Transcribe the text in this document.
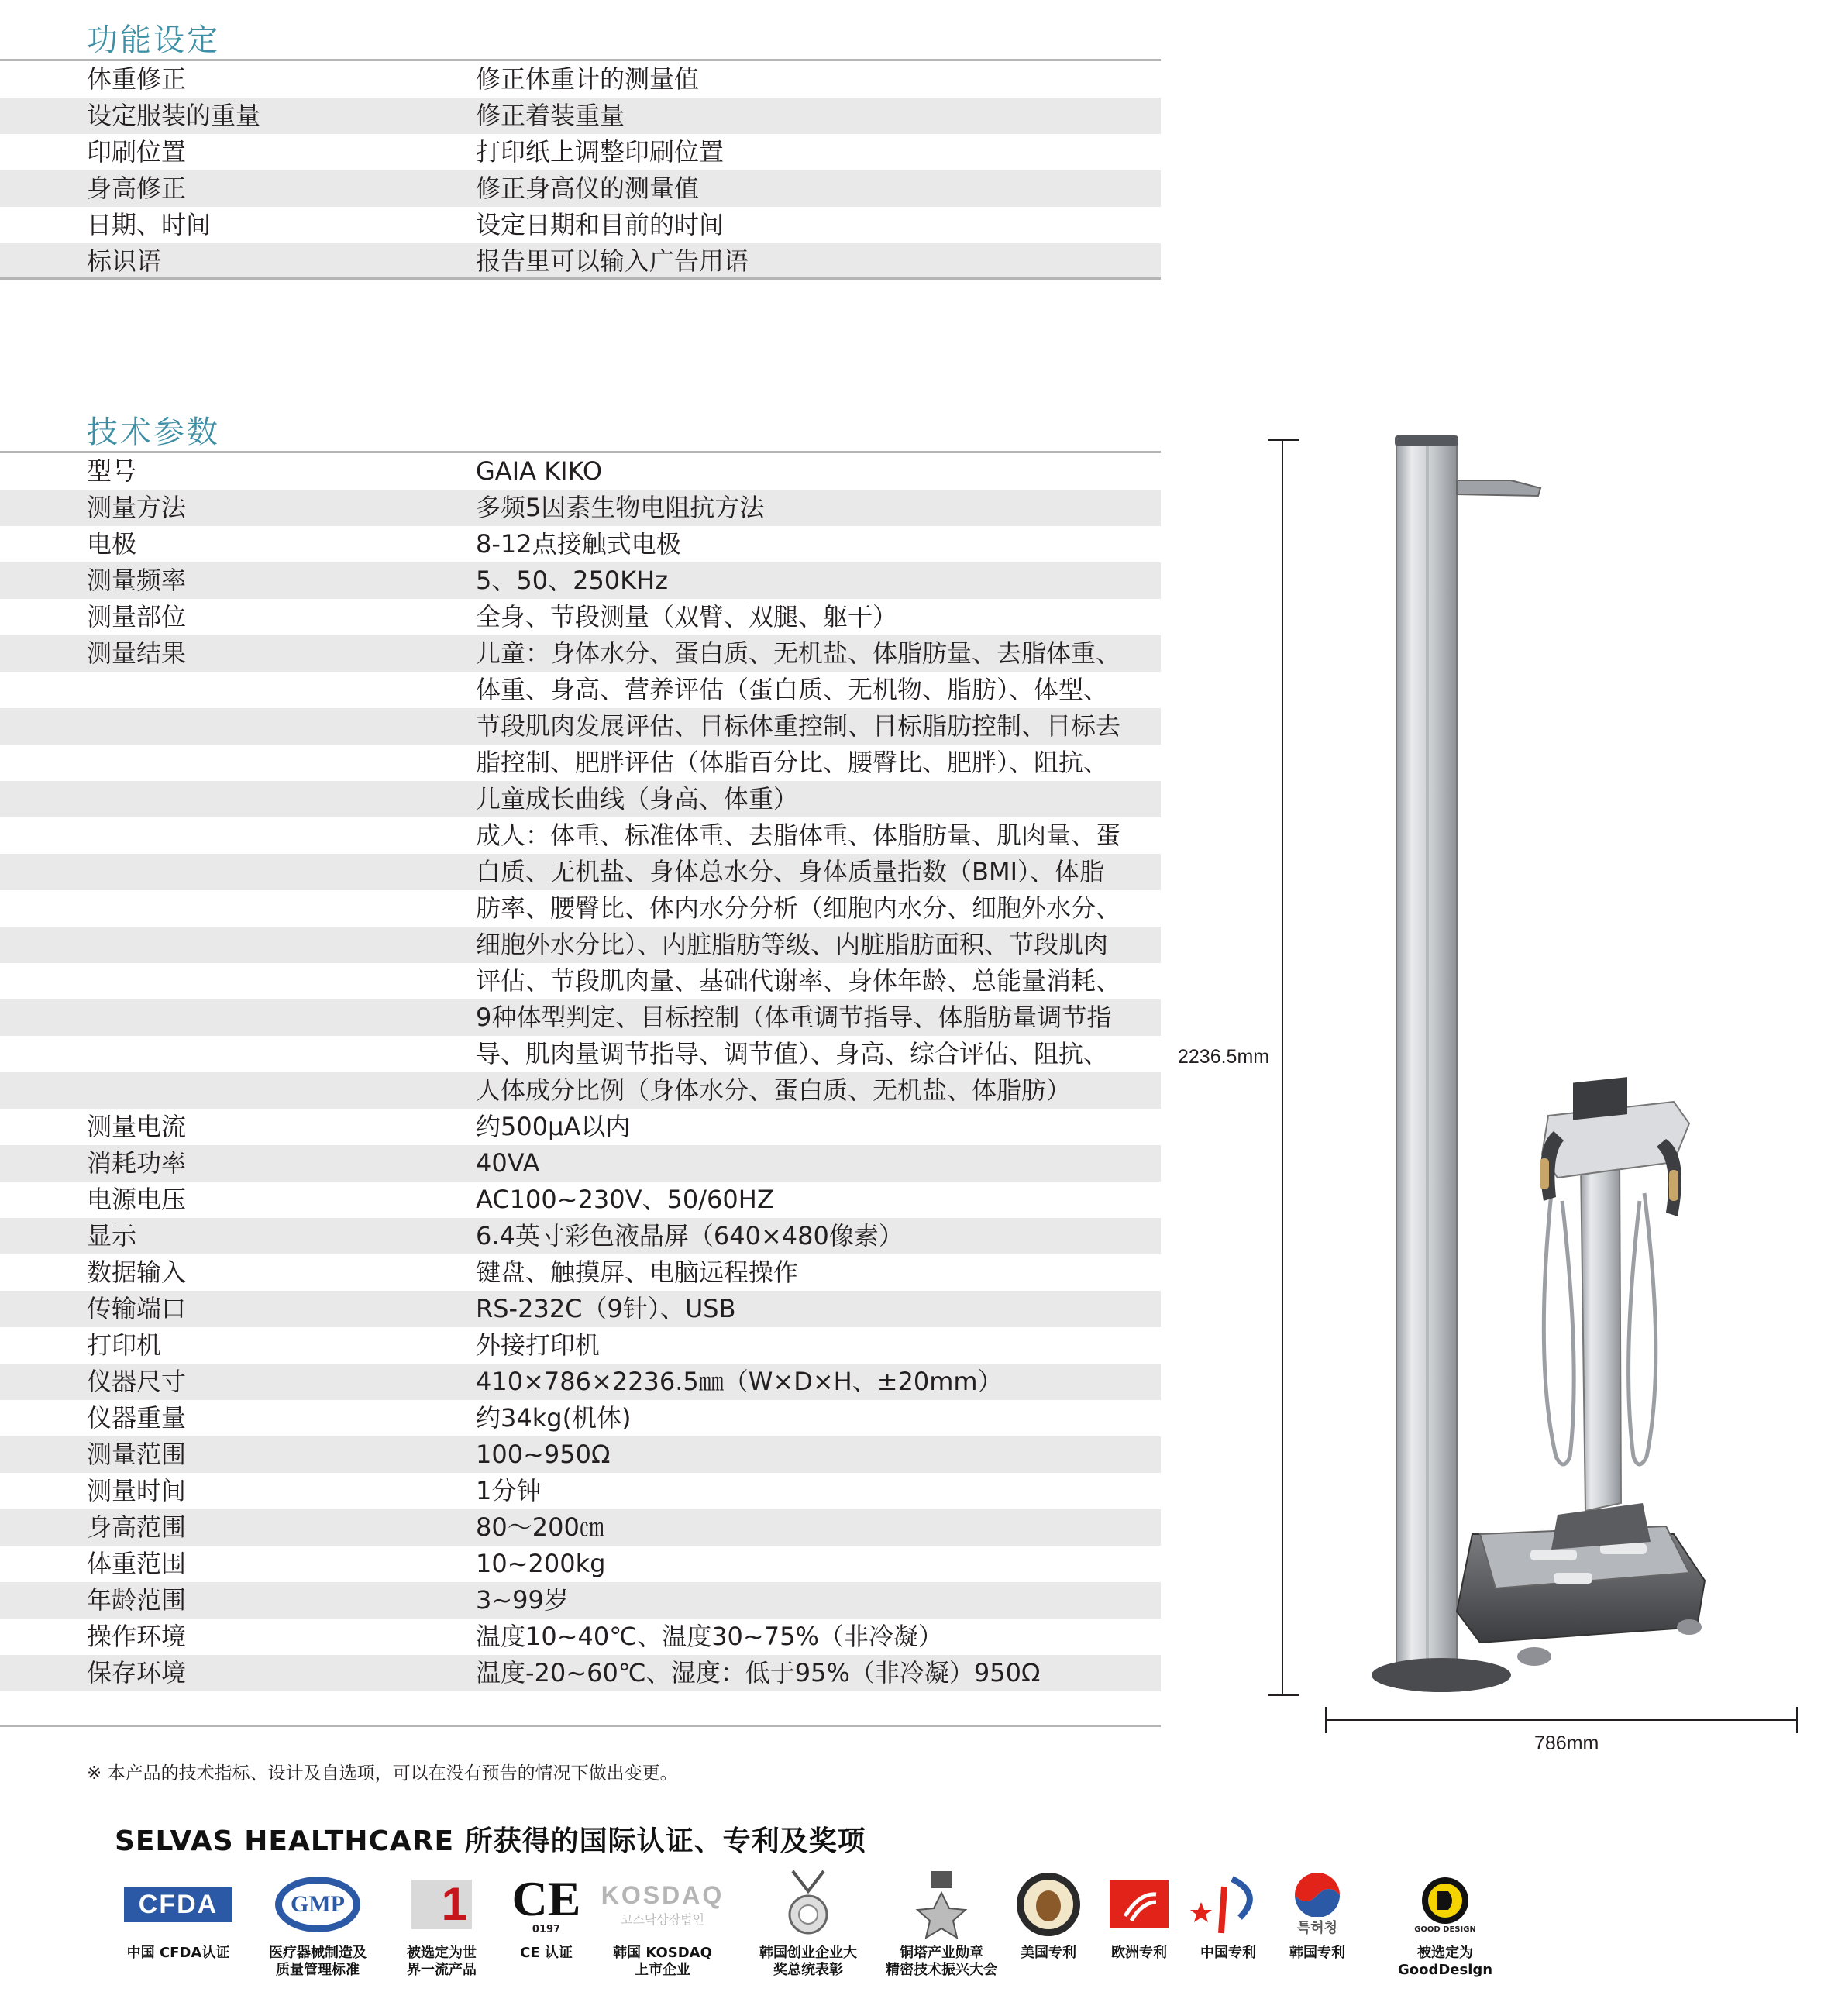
功能设定
体重修正	修正体重计的测量值
设定服装的重量	修正着装重量
印刷位置	打印纸上调整印刷位置
身高修正	修正身高仪的测量值
日期、时间	设定日期和目前的时间
标识语	报告里可以输入广告用语
技术参数
型号	GAIA KIKO
测量方法	多频5因素生物电阻抗方法
电极	8-12点接触式电极
测量频率	5、50、250KHz
测量部位	全身、节段测量（双臂、双腿、躯干）
测量结果	儿童：身体水分、蛋白质、无机盐、体脂肪量、去脂体重、
体重、身高、营养评估（蛋白质、无机物、脂肪）、体型、
节段肌肉发展评估、目标体重控制、目标脂肪控制、目标去
脂控制、肥胖评估（体脂百分比、腰臀比、肥胖）、阻抗、
儿童成长曲线（身高、体重）
成人：体重、标准体重、去脂体重、体脂肪量、肌肉量、蛋
白质、无机盐、身体总水分、身体质量指数（BMI）、体脂
肪率、腰臀比、体内水分分析（细胞内水分、细胞外水分、
细胞外水分比）、内脏脂肪等级、内脏脂肪面积、节段肌肉
评估、节段肌肉量、基础代谢率、身体年龄、总能量消耗、
9种体型判定、目标控制（体重调节指导、体脂肪量调节指
导、肌肉量调节指导、调节值）、身高、综合评估、阻抗、
人体成分比例（身体水分、蛋白质、无机盐、体脂肪）
测量电流	约500μA以内
消耗功率	40VA
电源电压	AC100~230V、50/60HZ
显示	6.4英寸彩色液晶屏（640×480像素）
数据输入	键盘、触摸屏、电脑远程操作
传输端口	RS-232C（9针）、USB
打印机	外接打印机
仪器尺寸	410×786×2236.5㎜（W×D×H、±20mm）
仪器重量	约34kg(机体)
测量范围	100~950Ω
测量时间	1分钟
身高范围	80～200㎝
体重范围	10~200kg
年龄范围	3~99岁
操作环境	温度10~40℃、温度30~75%（非冷凝）
保存环境	温度-20~60℃、湿度：低于95%（非冷凝）950Ω
2236.5mm
786mm
※ 本产品的技术指标、设计及自选项，可以在没有预告的情况下做出变更。
SELVAS HEALTHCARE 所获得的国际认证、专利及奖项
CFDA
中国 CFDA认证
GMP
医疗器械制造及
质量管理标准
1
被选定为世
界一流产品
CE
0197
CE 认证
KOSDAQ
코스닥상장법인
韩国 KOSDAQ
上市企业
韩国创业企业大
奖总统表彰
铜塔产业勋章
精密技术振兴大会
美国专利	欧洲专利	中国专利
특허청
韩国专利
GOOD DESIGN
被选定为
GoodDesign
